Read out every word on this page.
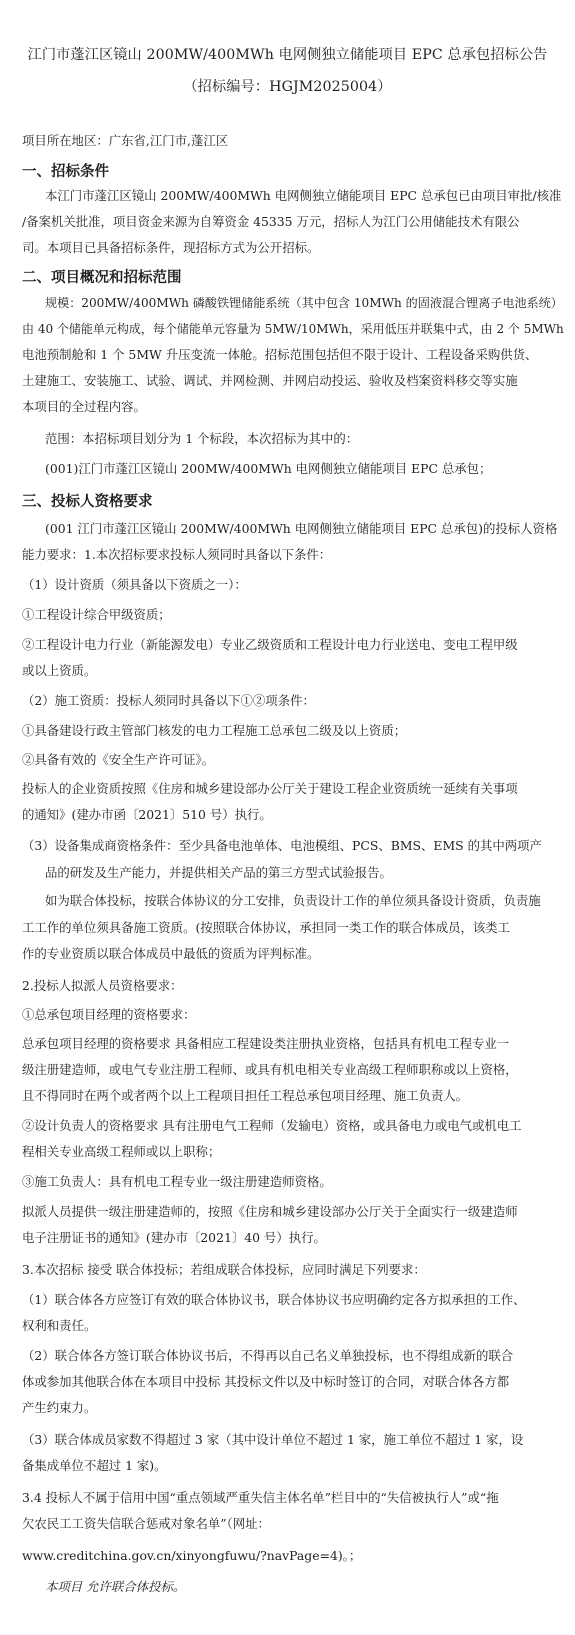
江门市蓬江区镜山 200MW/400MWh 电网侧独立储能项目 EPC 总承包招标公告
（招标编号：HGJM2025004）
项目所在地区：广东省,江门市,蓬江区
一、招标条件
本江门市蓬江区镜山 200MW/400MWh 电网侧独立储能项目 EPC 总承包已由项目审批/核准
/备案机关批准，项目资金来源为自筹资金 45335 万元，招标人为江门公用储能技术有限公
司。本项目已具备招标条件，现招标方式为公开招标。
二、项目概况和招标范围
规模：200MW/400MWh 磷酸铁锂储能系统（其中包含 10MWh 的固液混合锂离子电池系统）
由 40 个储能单元构成，每个储能单元容量为 5MW/10MWh，采用低压并联集中式，由 2 个 5MWh
电池预制舱和 1 个 5MW 升压变流一体舱。招标范围包括但不限于设计、工程设备采购供货、
土建施工、安装施工、试验、调试、并网检测、并网启动投运、验收及档案资料移交等实施
本项目的全过程内容。
范围：本招标项目划分为 1 个标段，本次招标为其中的：
(001)江门市蓬江区镜山 200MW/400MWh 电网侧独立储能项目 EPC 总承包；
三、投标人资格要求
(001 江门市蓬江区镜山 200MW/400MWh 电网侧独立储能项目 EPC 总承包)的投标人资格
能力要求：1.本次招标要求投标人须同时具备以下条件：
（1）设计资质（须具备以下资质之一）：
①工程设计综合甲级资质；
②工程设计电力行业（新能源发电）专业乙级资质和工程设计电力行业送电、变电工程甲级
或以上资质。
（2）施工资质：投标人须同时具备以下①②项条件：
①具备建设行政主管部门核发的电力工程施工总承包二级及以上资质；
②具备有效的《安全生产许可证》。
投标人的企业资质按照《住房和城乡建设部办公厅关于建设工程企业资质统一延续有关事项
的通知》(建办市函〔2021〕510 号）执行。
（3）设备集成商资格条件：至少具备电池单体、电池模组、PCS、BMS、EMS 的其中两项产
品的研发及生产能力，并提供相关产品的第三方型式试验报告。
如为联合体投标，按联合体协议的分工安排，负责设计工作的单位须具备设计资质，负责施
工工作的单位须具备施工资质。(按照联合体协议，承担同一类工作的联合体成员，该类工
作的专业资质以联合体成员中最低的资质为评判标准。
2.投标人拟派人员资格要求：
①总承包项目经理的资格要求：
总承包项目经理的资格要求 具备相应工程建设类注册执业资格，包括具有机电工程专业一
级注册建造师，或电气专业注册工程师、或具有机电相关专业高级工程师职称或以上资格，
且不得同时在两个或者两个以上工程项目担任工程总承包项目经理、施工负责人。
②设计负责人的资格要求 具有注册电气工程师（发输电）资格，或具备电力或电气或机电工
程相关专业高级工程师或以上职称；
③施工负责人：具有机电工程专业一级注册建造师资格。
拟派人员提供一级注册建造师的，按照《住房和城乡建设部办公厅关于全面实行一级建造师
电子注册证书的通知》(建办市〔2021〕40 号）执行。
3.本次招标 接受 联合体投标；若组成联合体投标，应同时满足下列要求：
（1）联合体各方应签订有效的联合体协议书，联合体协议书应明确约定各方拟承担的工作、
权利和责任。
（2）联合体各方签订联合体协议书后，不得再以自己名义单独投标，也不得组成新的联合
体或参加其他联合体在本项目中投标 其投标文件以及中标时签订的合同，对联合体各方都
产生约束力。
（3）联合体成员家数不得超过 3 家（其中设计单位不超过 1 家，施工单位不超过 1 家，设
备集成单位不超过 1 家)。
3.4 投标人不属于信用中国“重点领域严重失信主体名单”栏目中的“失信被执行人”或“拖
欠农民工工资失信联合惩戒对象名单”（网址：
www.creditchina.gov.cn/xinyongfuwu/?navPage=4)。；
本项目 允许联合体投标。
